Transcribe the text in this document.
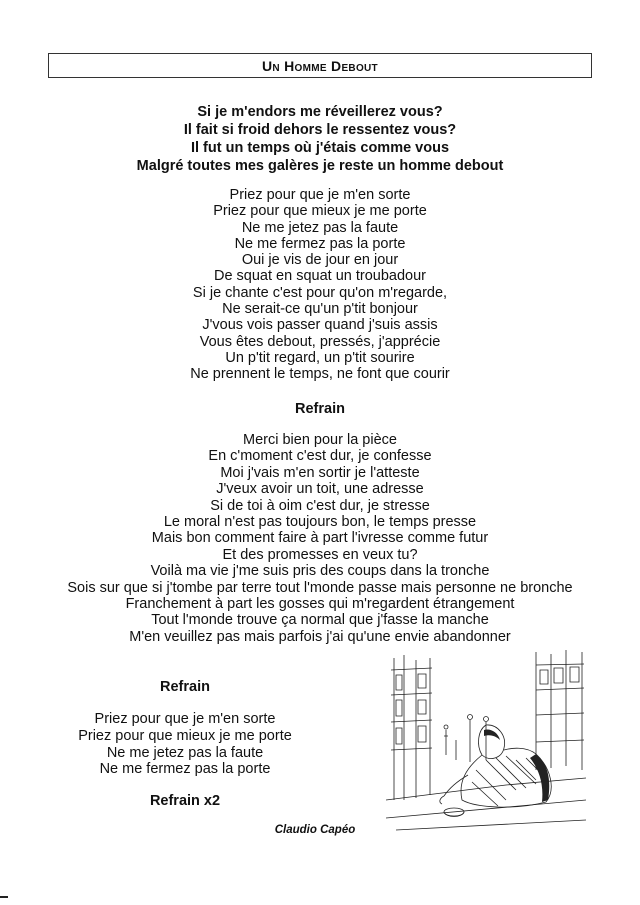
Un Homme Debout

Si je m'endors me réveillerez vous?

Il fait si froid dehors le ressentez vous?

Il fut un temps où j'étais comme vous

Malgré toutes mes galères je reste un homme debout

Priez pour que je m'en sorte

Priez pour que mieux je me porte

Ne me jetez pas la faute

Ne me fermez pas la porte

Oui je vis de jour en jour

De squat en squat un troubadour

Si je chante c'est pour qu'on m'regarde,

Ne serait-ce qu'un p'tit bonjour

J'vous vois passer quand j'suis assis

Vous êtes debout, pressés, j'apprécie

Un p'tit regard, un p'tit sourire

Ne prennent le temps, ne font que courir

Refrain

Merci bien pour la pièce

En c'moment c'est dur, je confesse

Moi j'vais m'en sortir je l'atteste

J'veux avoir un toit, une adresse

Si de toi à oim c'est dur, je stresse

Le moral n'est pas toujours bon, le temps presse

Mais bon comment faire à part l'ivresse comme futur

Et des promesses en veux tu?

Voilà ma vie j'me suis pris des coups dans la tronche

Sois sur que si j'tombe par terre tout l'monde passe mais personne ne bronche

Franchement à part les gosses qui m'regardent étrangement

Tout l'monde trouve ça normal que j'fasse la manche

M'en veuillez pas mais parfois j'ai qu'une envie abandonner

Refrain

Priez pour que je m'en sorte

Priez pour que mieux je me porte

Ne me jetez pas la faute

Ne me fermez pas la porte

Refrain x2
Claudio Capéo
